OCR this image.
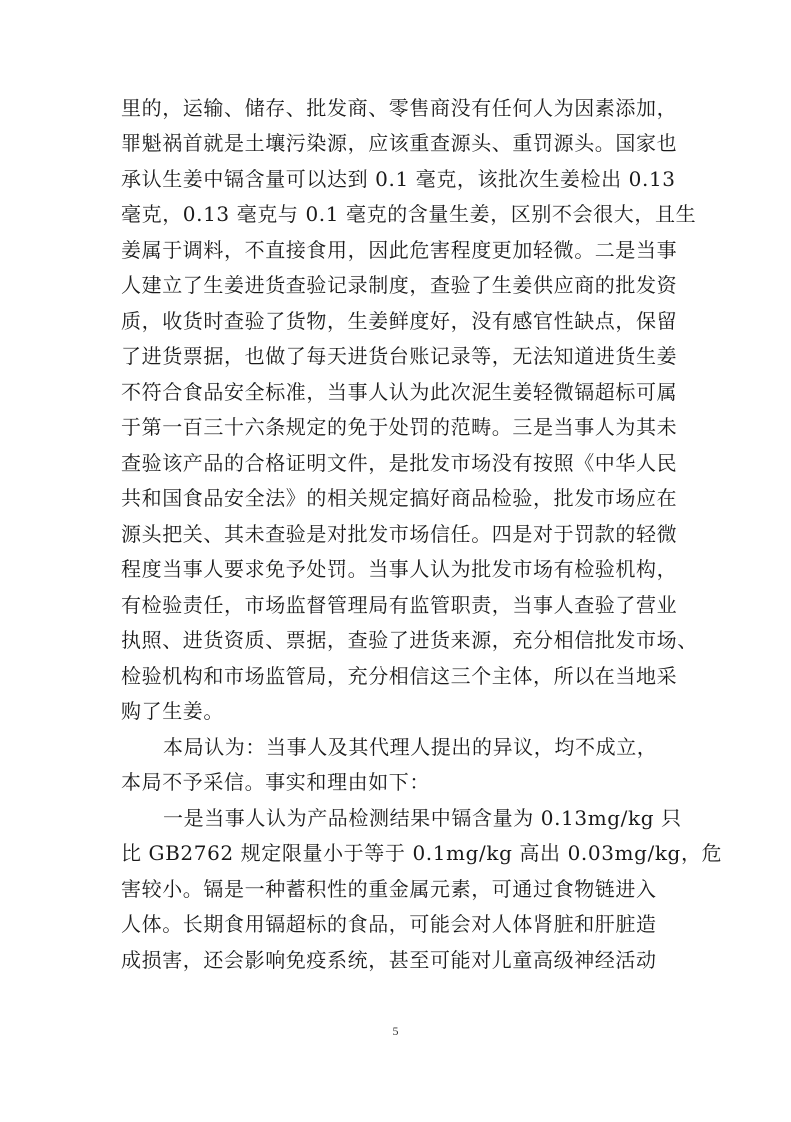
里的，运输、储存、批发商、零售商没有任何人为因素添加，
罪魁祸首就是土壤污染源，应该重查源头、重罚源头。国家也
承认生姜中镉含量可以达到 0.1 毫克，该批次生姜检出 0.13
毫克，0.13 毫克与 0.1 毫克的含量生姜，区别不会很大，且生
姜属于调料，不直接食用，因此危害程度更加轻微。二是当事
人建立了生姜进货查验记录制度，查验了生姜供应商的批发资
质，收货时查验了货物，生姜鲜度好，没有感官性缺点，保留
了进货票据，也做了每天进货台账记录等，无法知道进货生姜
不符合食品安全标准，当事人认为此次泥生姜轻微镉超标可属
于第一百三十六条规定的免于处罚的范畴。三是当事人为其未
查验该产品的合格证明文件，是批发市场没有按照《中华人民
共和国食品安全法》的相关规定搞好商品检验，批发市场应在
源头把关、其未查验是对批发市场信任。四是对于罚款的轻微
程度当事人要求免予处罚。当事人认为批发市场有检验机构，
有检验责任，市场监督管理局有监管职责，当事人查验了营业
执照、进货资质、票据，查验了进货来源，充分相信批发市场、
检验机构和市场监管局，充分相信这三个主体，所以在当地采
购了生姜。
本局认为：当事人及其代理人提出的异议，均不成立，
本局不予采信。事实和理由如下：
一是当事人认为产品检测结果中镉含量为 0.13mg/kg 只
比 GB2762 规定限量小于等于 0.1mg/kg 高出 0.03mg/kg，危
害较小。镉是一种蓄积性的重金属元素，可通过食物链进入
人体。长期食用镉超标的食品，可能会对人体肾脏和肝脏造
成损害，还会影响免疫系统，甚至可能对儿童高级神经活动
5
